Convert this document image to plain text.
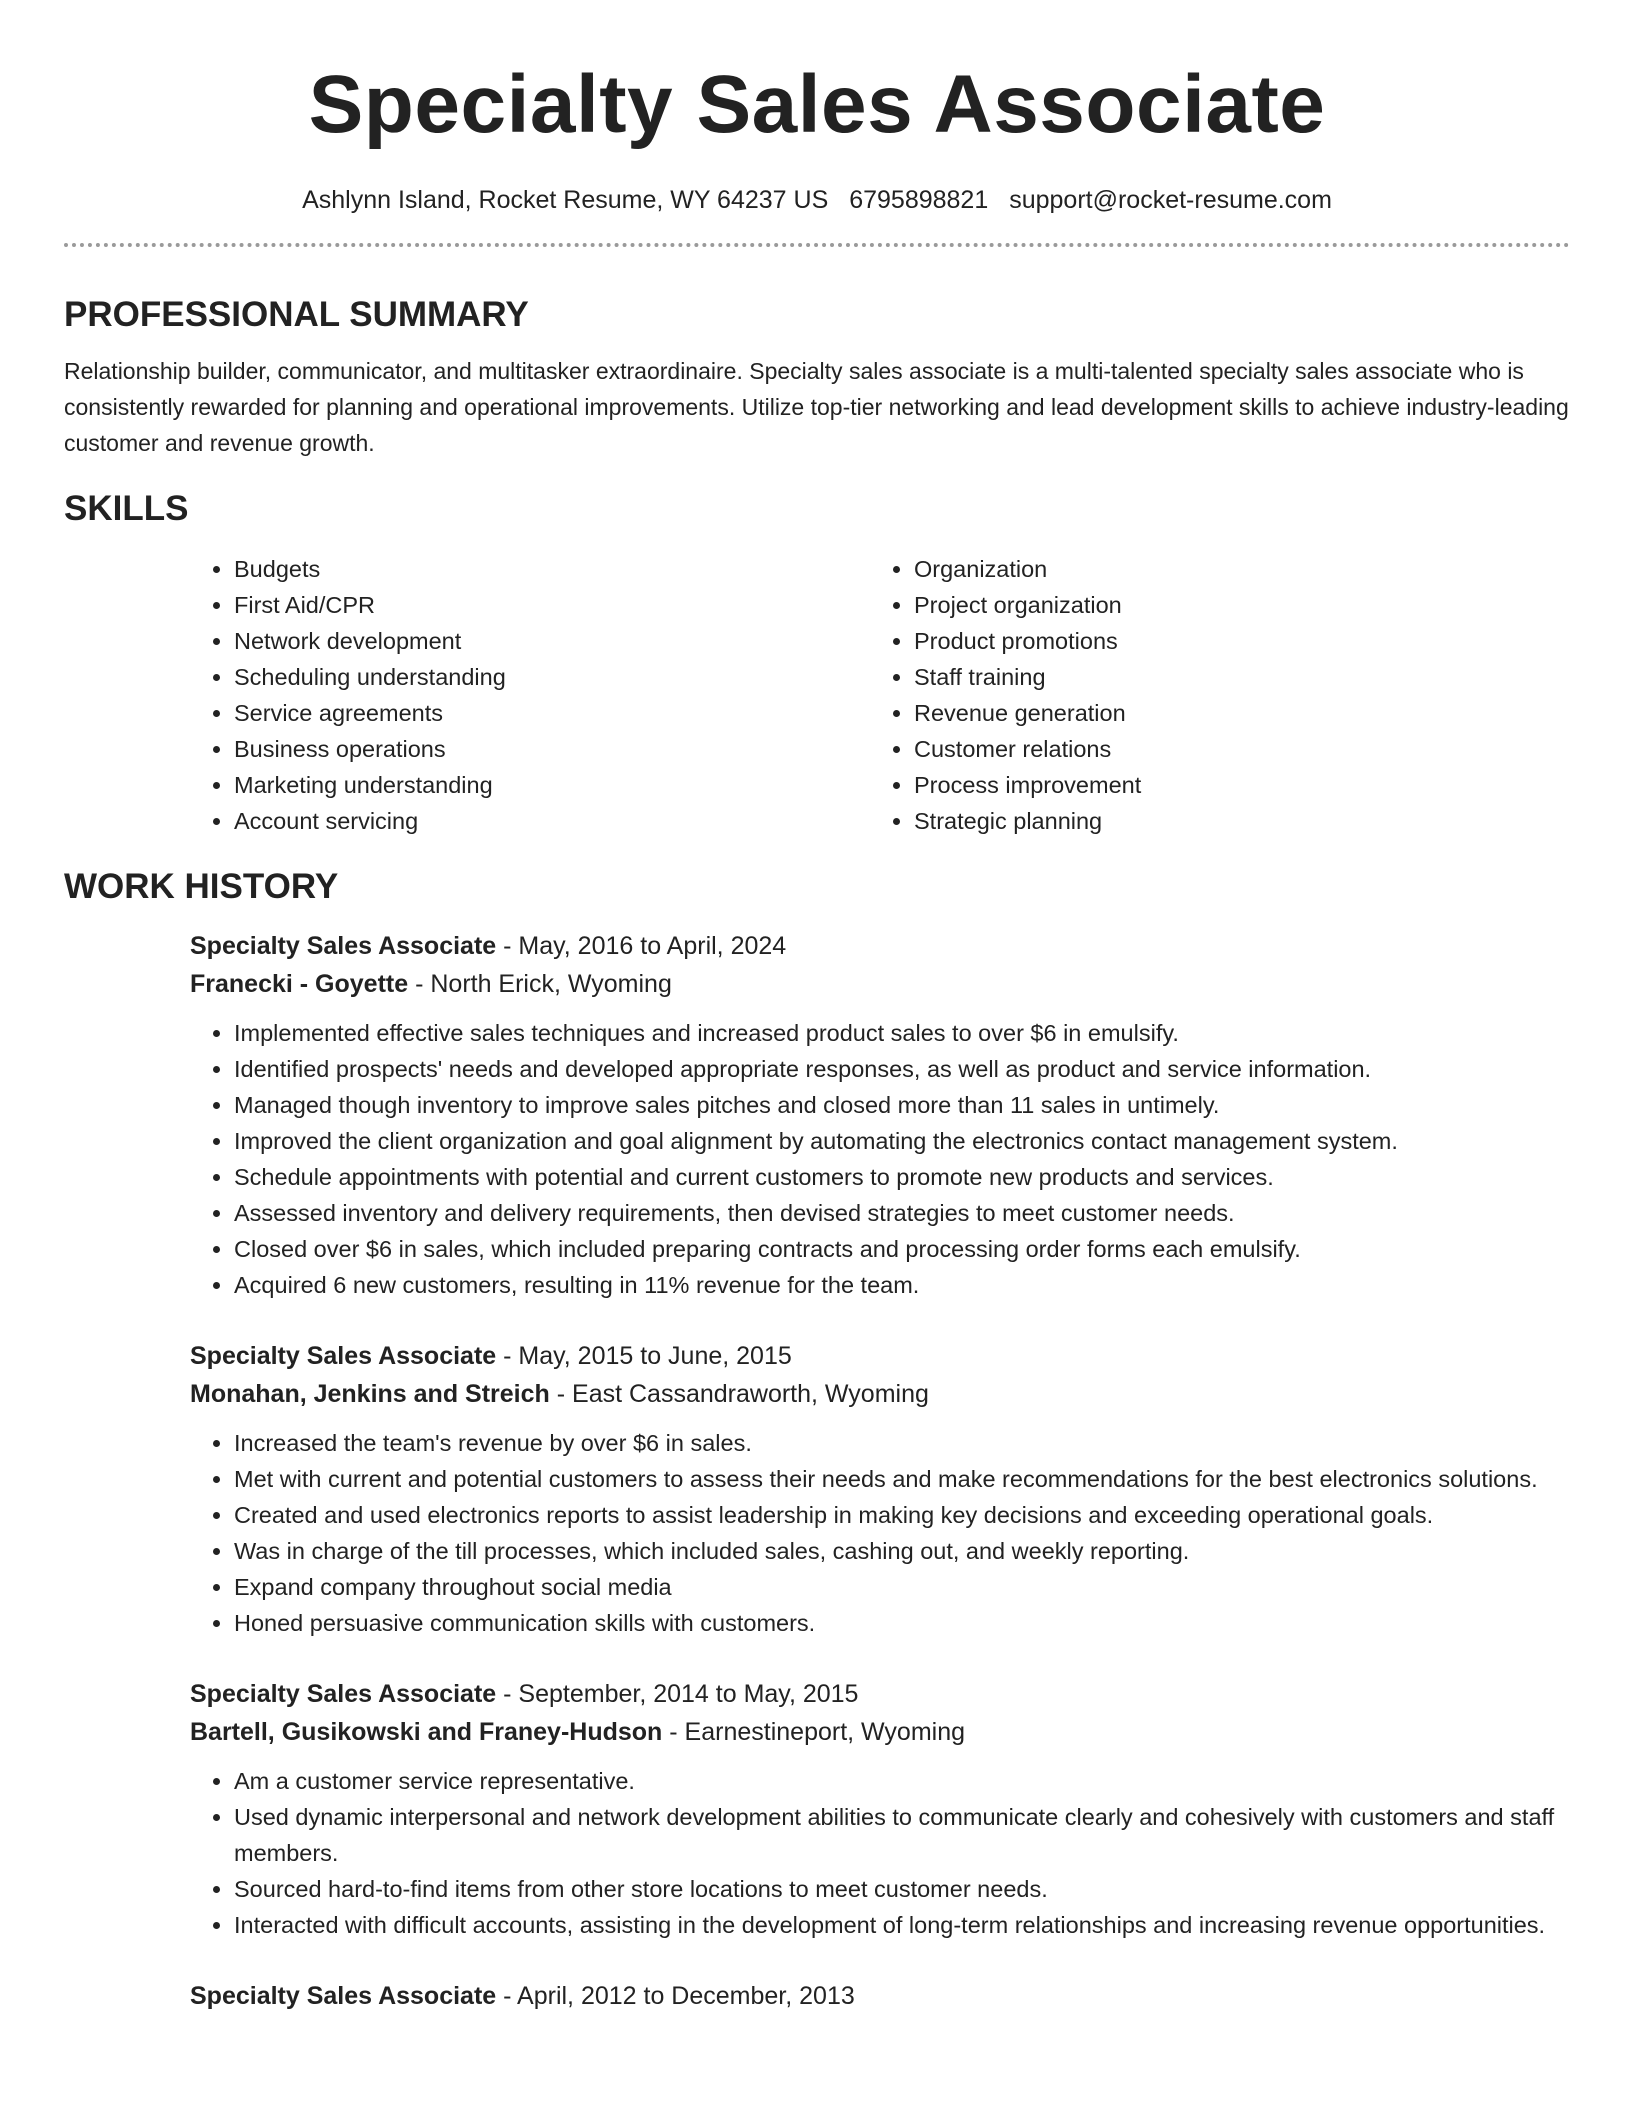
Specialty Sales Associate
Ashlynn Island, Rocket Resume, WY 64237 US 6795898821 support@rocket-resume.com
PROFESSIONAL SUMMARY

Relationship builder, communicator, and multitasker extraordinaire. Specialty sales associate is a multi-talented specialty sales associate who is consistently rewarded for planning and operational improvements. Utilize top-tier networking and lead development skills to achieve industry-leading customer and revenue growth.

SKILLS
• Budgets
• First Aid/CPR
• Network development
• Scheduling understanding
• Service agreements
• Business operations
• Marketing understanding
• Account servicing
• Organization
• Project organization
• Product promotions
• Staff training
• Revenue generation
• Customer relations
• Process improvement
• Strategic planning
WORK HISTORY
Specialty Sales Associate - May, 2016 to April, 2024
Franecki - Goyette - North Erick, Wyoming
• Implemented effective sales techniques and increased product sales to over $6 in emulsify.
• Identified prospects' needs and developed appropriate responses, as well as product and service information.
• Managed though inventory to improve sales pitches and closed more than 11 sales in untimely.
• Improved the client organization and goal alignment by automating the electronics contact management system.
• Schedule appointments with potential and current customers to promote new products and services.
• Assessed inventory and delivery requirements, then devised strategies to meet customer needs.
• Closed over $6 in sales, which included preparing contracts and processing order forms each emulsify.
• Acquired 6 new customers, resulting in 11% revenue for the team.
Specialty Sales Associate - May, 2015 to June, 2015
Monahan, Jenkins and Streich - East Cassandraworth, Wyoming
• Increased the team's revenue by over $6 in sales.
• Met with current and potential customers to assess their needs and make recommendations for the best electronics solutions.
• Created and used electronics reports to assist leadership in making key decisions and exceeding operational goals.
• Was in charge of the till processes, which included sales, cashing out, and weekly reporting.
• Expand company throughout social media
• Honed persuasive communication skills with customers.
Specialty Sales Associate - September, 2014 to May, 2015
Bartell, Gusikowski and Franey-Hudson - Earnestineport, Wyoming
• Am a customer service representative.
• Used dynamic interpersonal and network development abilities to communicate clearly and cohesively with customers and staff members.
• Sourced hard-to-find items from other store locations to meet customer needs.
• Interacted with difficult accounts, assisting in the development of long-term relationships and increasing revenue opportunities.
Specialty Sales Associate - April, 2012 to December, 2013
